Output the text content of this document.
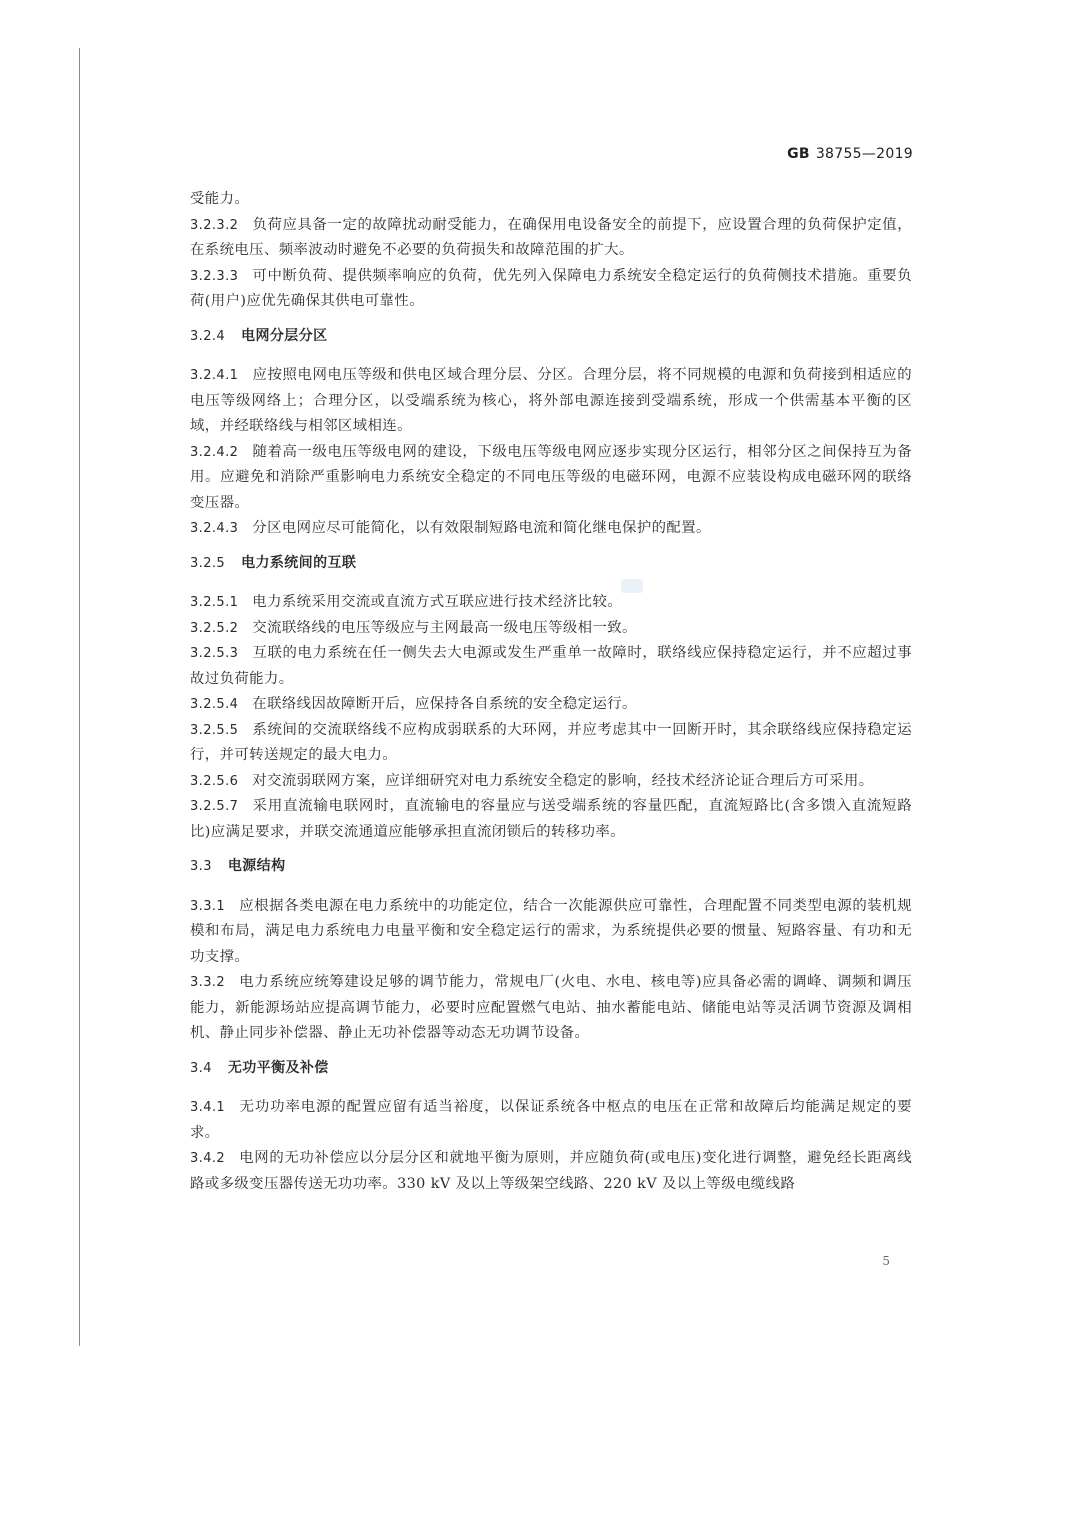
GB 38755—2019
受能力。
3.2.3.2 负荷应具备一定的故障扰动耐受能力，在确保用电设备安全的前提下，应设置合理的负荷保护定值，在系统电压、频率波动时避免不必要的负荷损失和故障范围的扩大。
3.2.3.3 可中断负荷、提供频率响应的负荷，优先列入保障电力系统安全稳定运行的负荷侧技术措施。重要负荷(用户)应优先确保其供电可靠性。
3.2.4 电网分层分区
3.2.4.1 应按照电网电压等级和供电区域合理分层、分区。合理分层，将不同规模的电源和负荷接到相适应的电压等级网络上；合理分区，以受端系统为核心，将外部电源连接到受端系统，形成一个供需基本平衡的区域，并经联络线与相邻区域相连。
3.2.4.2 随着高一级电压等级电网的建设，下级电压等级电网应逐步实现分区运行，相邻分区之间保持互为备用。应避免和消除严重影响电力系统安全稳定的不同电压等级的电磁环网，电源不应装设构成电磁环网的联络变压器。
3.2.4.3 分区电网应尽可能简化，以有效限制短路电流和简化继电保护的配置。
3.2.5 电力系统间的互联
3.2.5.1 电力系统采用交流或直流方式互联应进行技术经济比较。
3.2.5.2 交流联络线的电压等级应与主网最高一级电压等级相一致。
3.2.5.3 互联的电力系统在任一侧失去大电源或发生严重单一故障时，联络线应保持稳定运行，并不应超过事故过负荷能力。
3.2.5.4 在联络线因故障断开后，应保持各自系统的安全稳定运行。
3.2.5.5 系统间的交流联络线不应构成弱联系的大环网，并应考虑其中一回断开时，其余联络线应保持稳定运行，并可转送规定的最大电力。
3.2.5.6 对交流弱联网方案，应详细研究对电力系统安全稳定的影响，经技术经济论证合理后方可采用。
3.2.5.7 采用直流输电联网时，直流输电的容量应与送受端系统的容量匹配，直流短路比(含多馈入直流短路比)应满足要求，并联交流通道应能够承担直流闭锁后的转移功率。
3.3 电源结构
3.3.1 应根据各类电源在电力系统中的功能定位，结合一次能源供应可靠性，合理配置不同类型电源的装机规模和布局，满足电力系统电力电量平衡和安全稳定运行的需求，为系统提供必要的惯量、短路容量、有功和无功支撑。
3.3.2 电力系统应统筹建设足够的调节能力，常规电厂(火电、水电、核电等)应具备必需的调峰、调频和调压能力，新能源场站应提高调节能力，必要时应配置燃气电站、抽水蓄能电站、储能电站等灵活调节资源及调相机、静止同步补偿器、静止无功补偿器等动态无功调节设备。
3.4 无功平衡及补偿
3.4.1 无功功率电源的配置应留有适当裕度，以保证系统各中枢点的电压在正常和故障后均能满足规定的要求。
3.4.2 电网的无功补偿应以分层分区和就地平衡为原则，并应随负荷(或电压)变化进行调整，避免经长距离线路或多级变压器传送无功功率。330 kV 及以上等级架空线路、220 kV 及以上等级电缆线路
5
